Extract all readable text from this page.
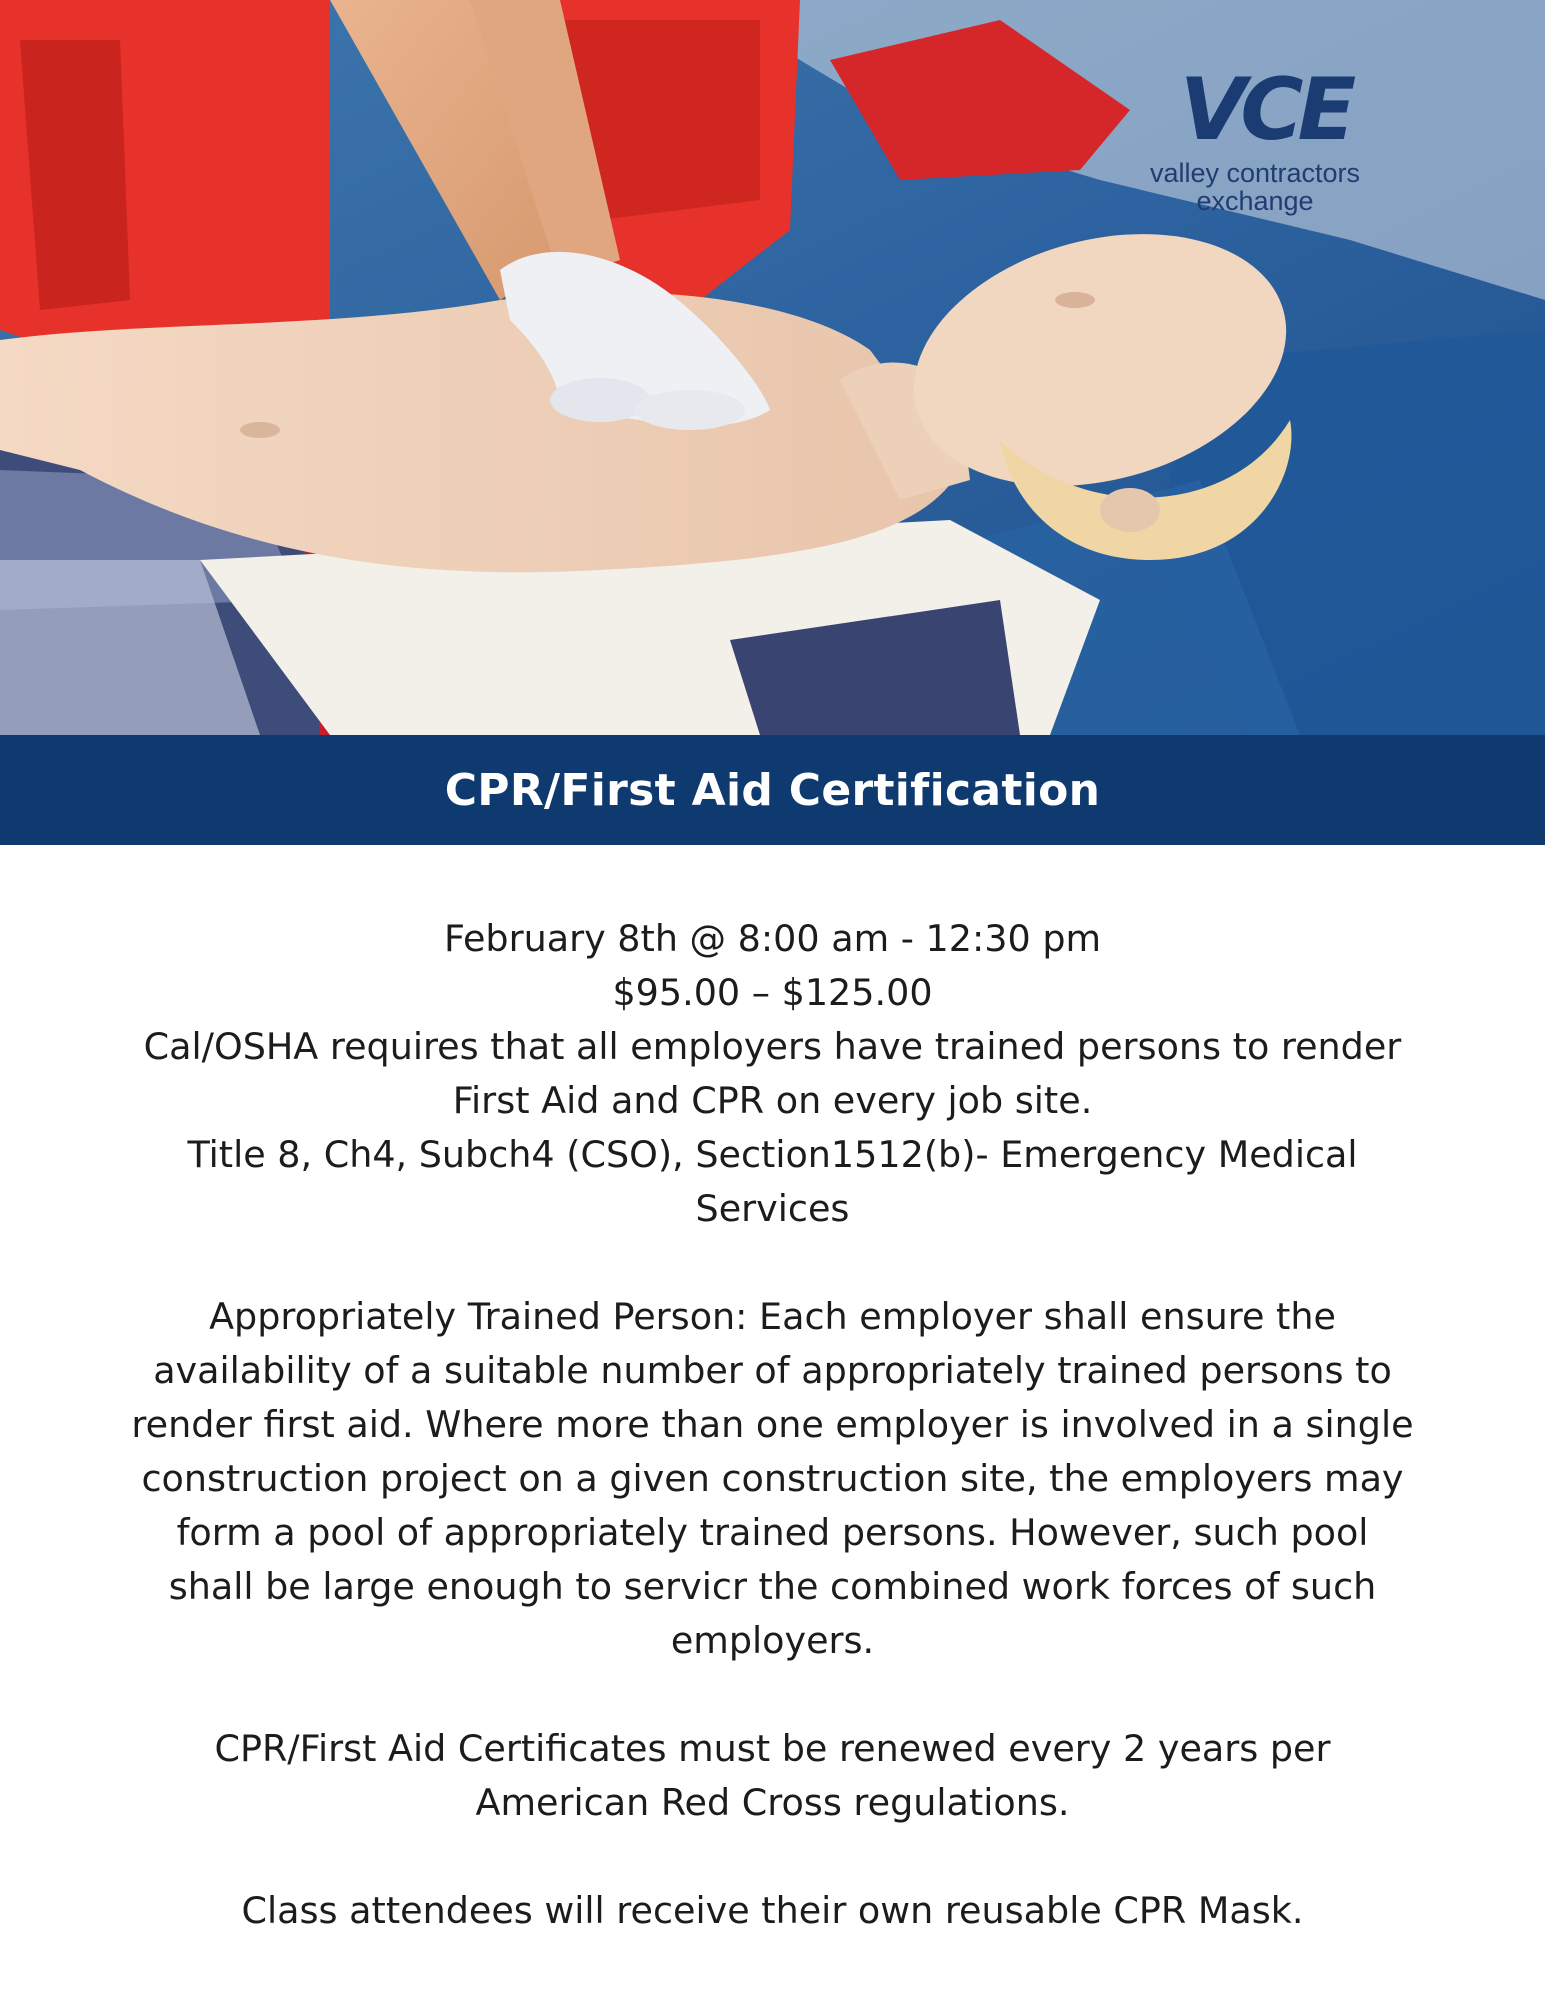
VCE
valley contractors
exchange
CPR/First Aid Certification

February 8th @ 8:00 am - 12:30 pm

$95.00 – $125.00

Cal/OSHA requires that all employers have trained persons to render First Aid and CPR on every job site.

Title 8, Ch4, Subch4 (CSO), Section1512(b)- Emergency Medical Services

Appropriately Trained Person: Each employer shall ensure the availability of a suitable number of appropriately trained persons to render first aid. Where more than one employer is involved in a single construction project on a given construction site, the employers may form a pool of appropriately trained persons. However, such pool shall be large enough to servicr the combined work forces of such employers.

CPR/First Aid Certificates must be renewed every 2 years per American Red Cross regulations.

Class attendees will receive their own reusable CPR Mask.
